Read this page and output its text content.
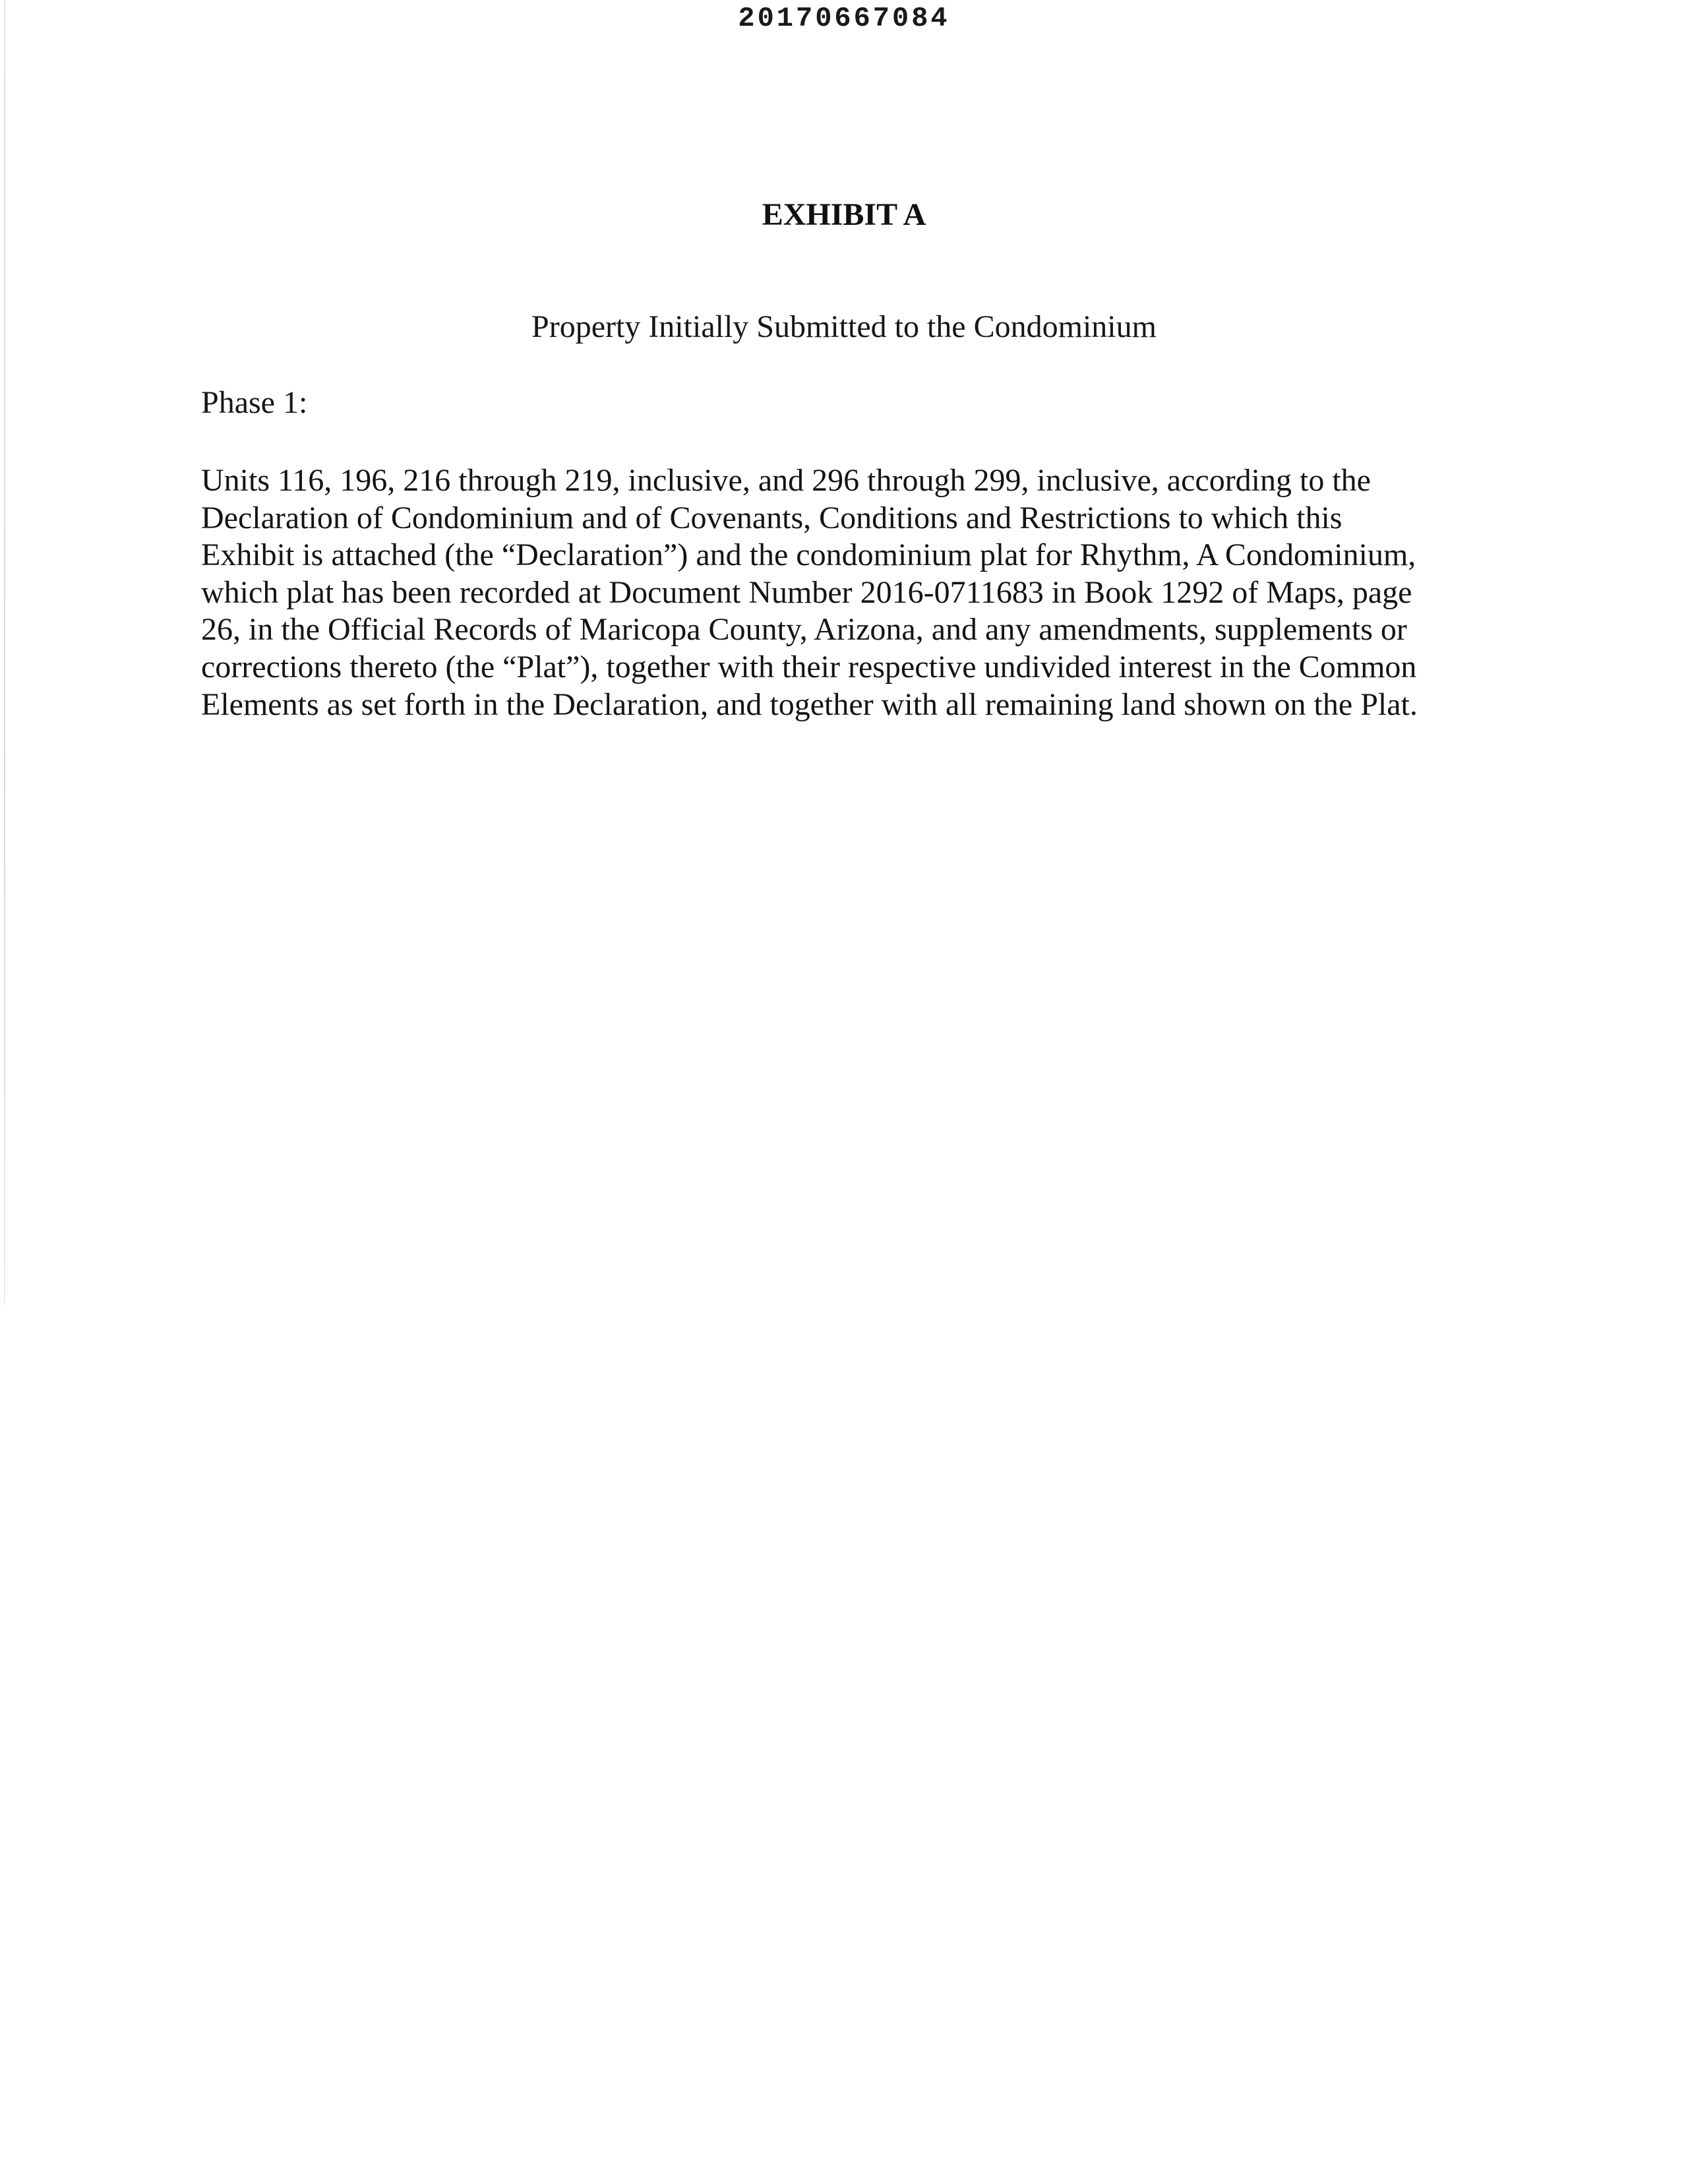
20170667084
EXHIBIT A
Property Initially Submitted to the Condominium
Phase 1:
Units 116, 196, 216 through 219, inclusive, and 296 through 299, inclusive, according to the
Declaration of Condominium and of Covenants, Conditions and Restrictions to which this
Exhibit is attached (the “Declaration”) and the condominium plat for Rhythm, A Condominium,
which plat has been recorded at Document Number 2016-0711683 in Book 1292 of Maps, page
26, in the Official Records of Maricopa County, Arizona, and any amendments, supplements or
corrections thereto (the “Plat”), together with their respective undivided interest in the Common
Elements as set forth in the Declaration, and together with all remaining land shown on the Plat.
